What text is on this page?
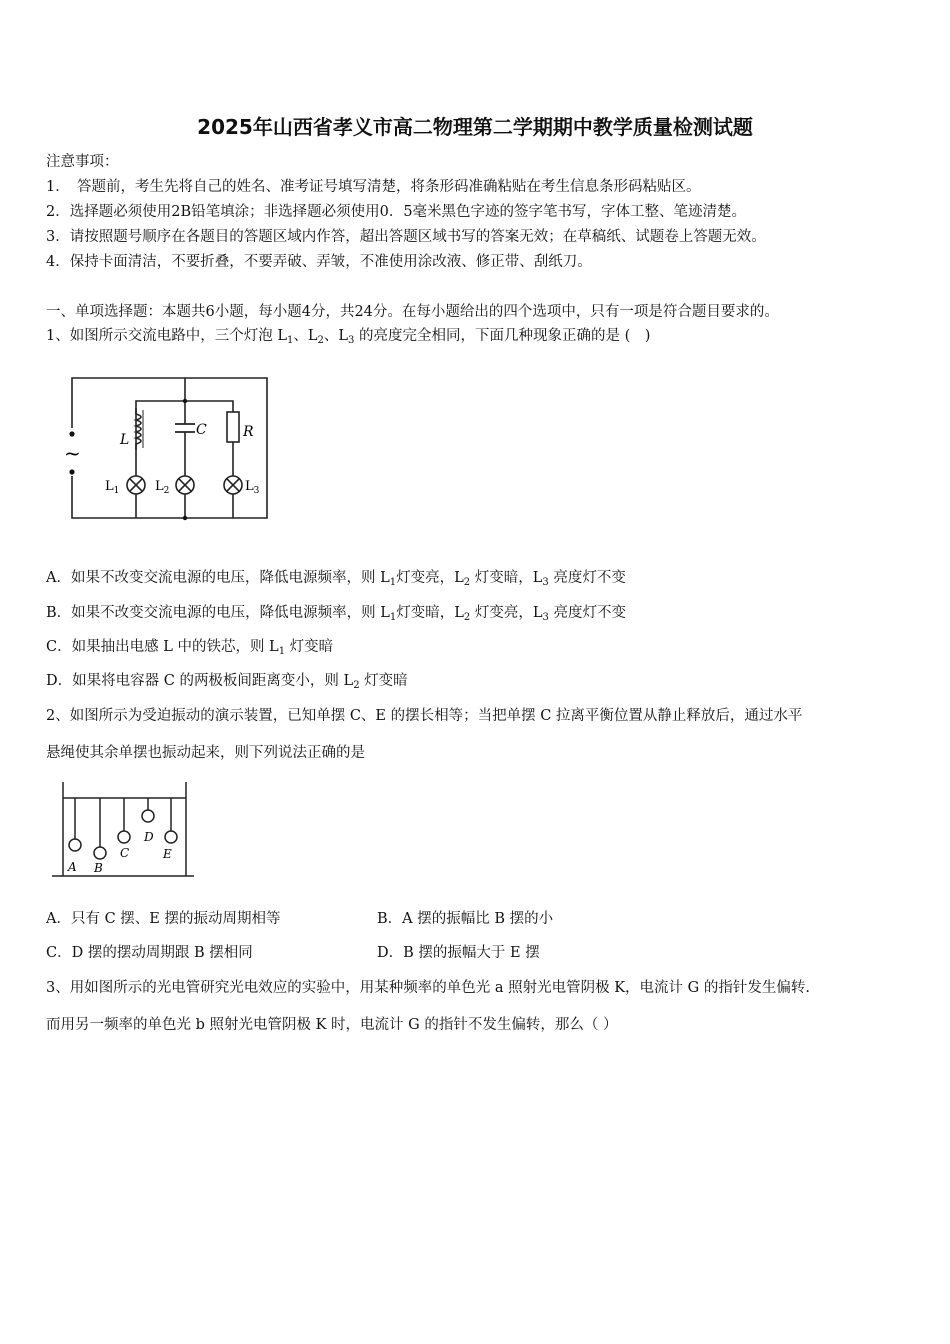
2025年山西省孝义市高二物理第二学期期中教学质量检测试题
注意事项：
1．　答题前，考生先将自己的姓名、准考证号填写清楚，将条形码准确粘贴在考生信息条形码粘贴区。
2．选择题必须使用2B铅笔填涂；非选择题必须使用0．5毫米黑色字迹的签字笔书写，字体工整、笔迹清楚。
3．请按照题号顺序在各题目的答题区域内作答，超出答题区域书写的答案无效；在草稿纸、试题卷上答题无效。
4．保持卡面清洁，不要折叠，不要弄破、弄皱，不准使用涂改液、修正带、刮纸刀。
一、单项选择题：本题共6小题，每小题4分，共24分。在每小题给出的四个选项中，只有一项是符合题目要求的。
1、如图所示交流电路中，三个灯泡 $L_1$、$L_2$、$L_3$ 的亮度完全相同，下面几种现象正确的是 (　)
~
L
C	R
$L_1$	$L_2$	$L_3$
A．如果不改变交流电源的电压，降低电源频率，则 $L_1$灯变亮，$L_2$ 灯变暗，$L_3$ 亮度灯不变
B．如果不改变交流电源的电压，降低电源频率，则 $L_1$灯变暗，$L_2$ 灯变亮，$L_3$ 亮度灯不变
C．如果抽出电感 L 中的铁芯，则 $L_1$ 灯变暗
D．如果将电容器 C 的两极板间距离变小，则 $L_2$ 灯变暗
2、如图所示为受迫振动的演示装置，已知单摆 C、E 的摆长相等；当把单摆 C 拉离平衡位置从静止释放后，通过水平
悬绳使其余单摆也振动起来，则下列说法正确的是
A B
C
D
E
A．只有 C 摆、E 摆的振动周期相等	B．A 摆的振幅比 B 摆的小
C．D 摆的摆动周期跟 B 摆相同	D．B 摆的振幅大于 E 摆
3、用如图所示的光电管研究光电效应的实验中，用某种频率的单色光 a 照射光电管阴极 K，电流计 G 的指针发生偏转.
而用另一频率的单色光 b 照射光电管阴极 K 时，电流计 G 的指针不发生偏转，那么（ ）
